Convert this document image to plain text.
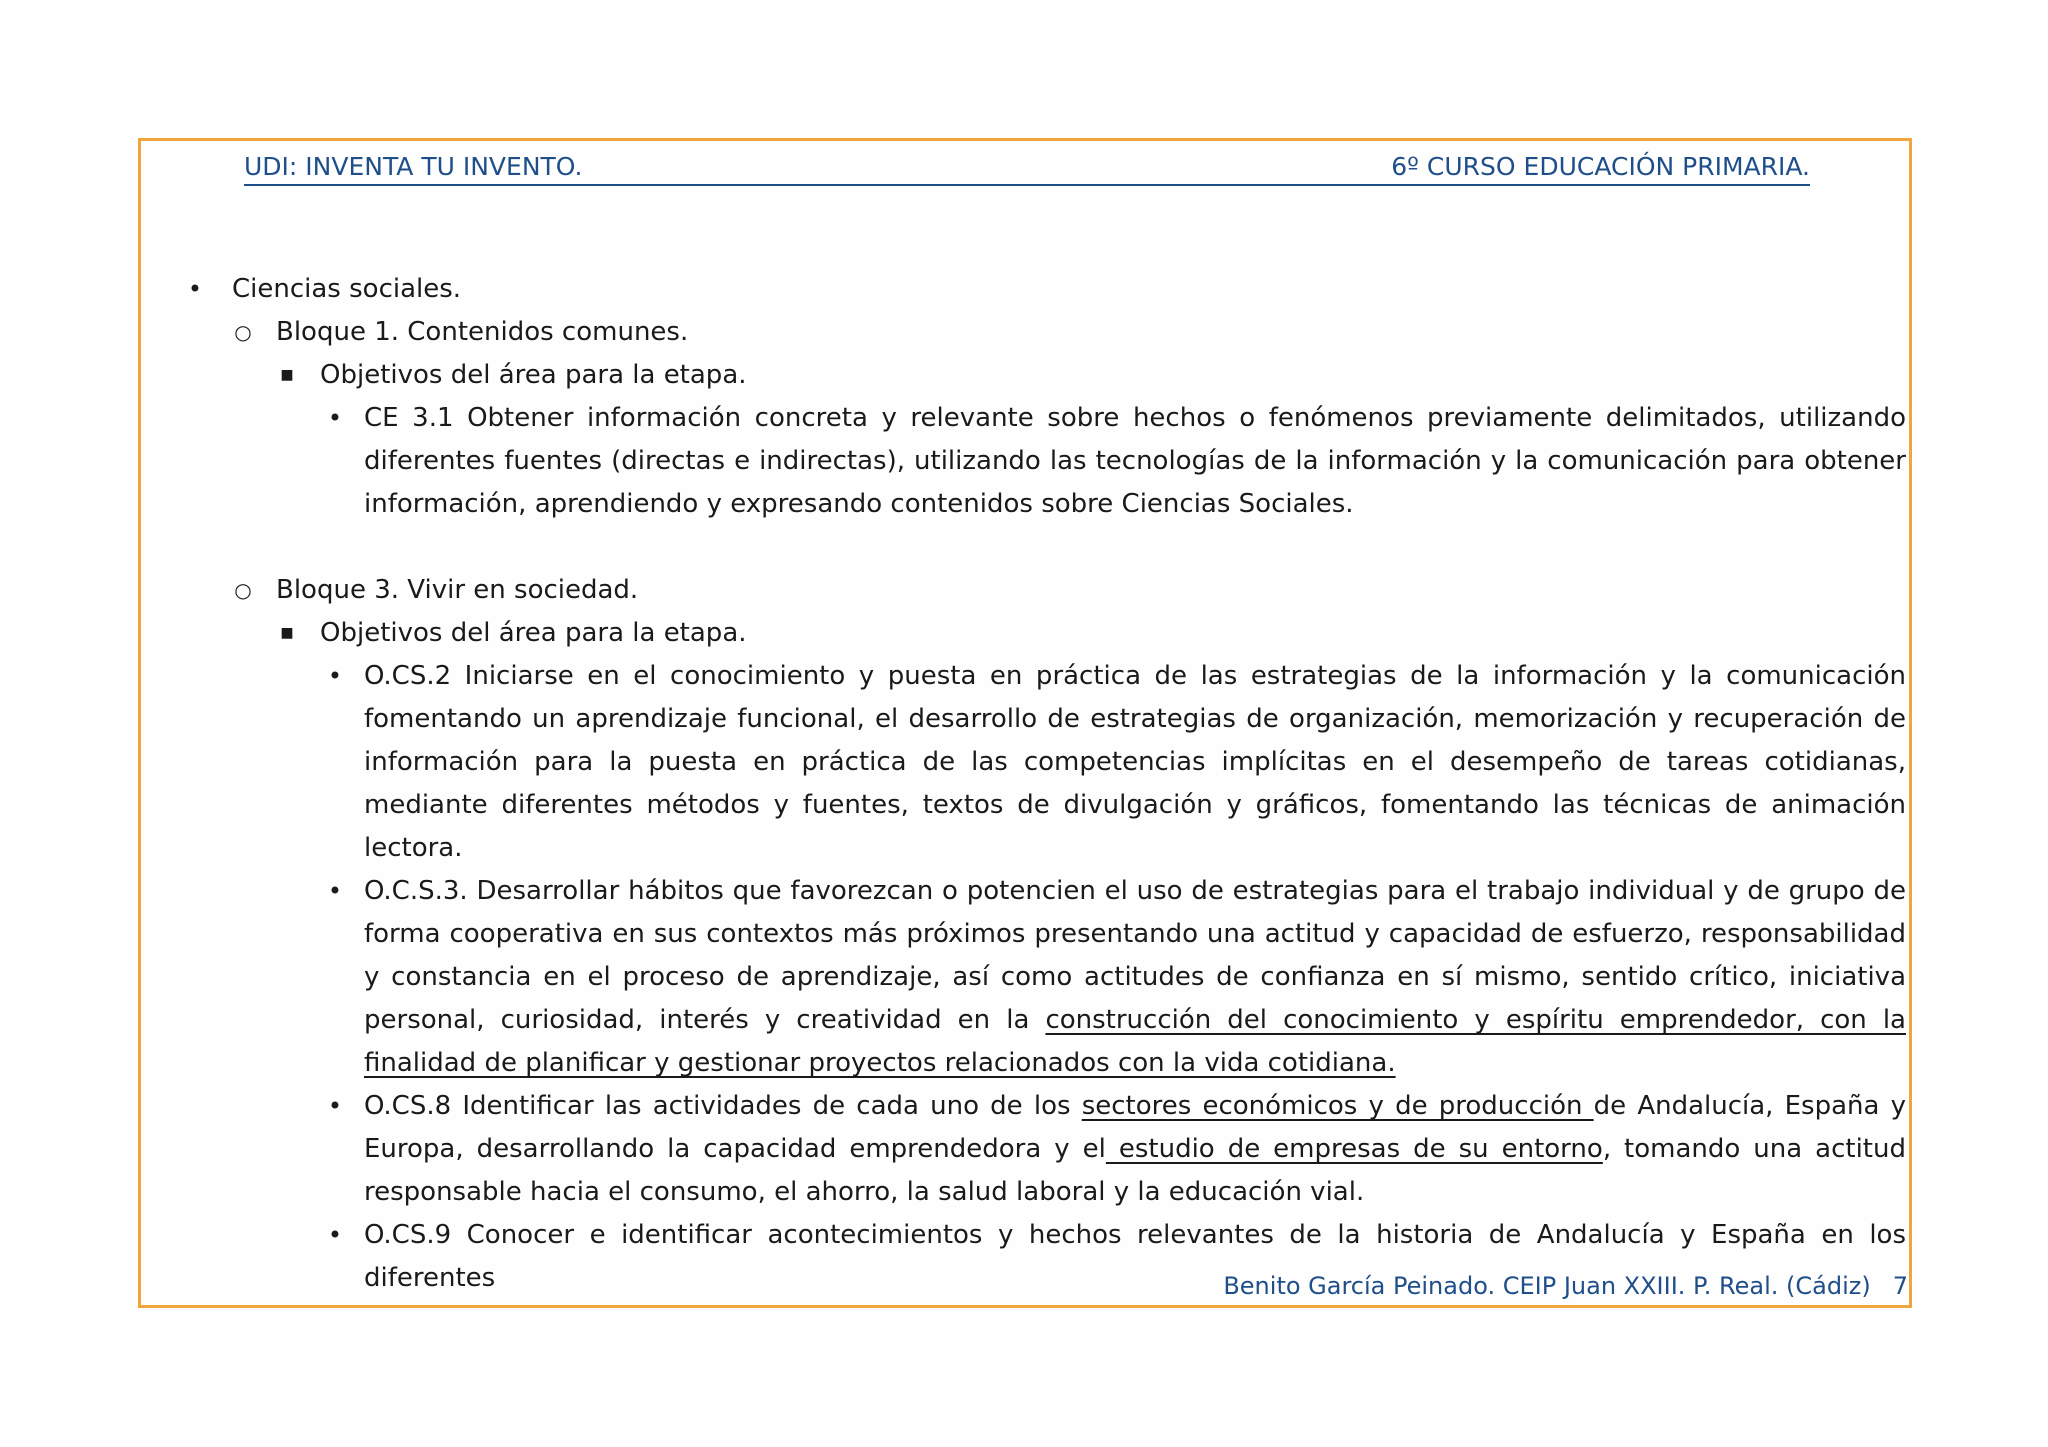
UDI: INVENTA TU INVENTO.	6º CURSO EDUCACIÓN PRIMARIA.
•	Ciencias sociales.
○ Bloque 1. Contenidos comunes.
■	Objetivos del área para la etapa.
• CE 3.1 Obtener información concreta y relevante sobre hechos o fenómenos previamente delimitados, utilizando diferentes fuentes (directas e indirectas), utilizando las tecnologías de la información y la comunicación para obtener información, aprendiendo y expresando contenidos sobre Ciencias Sociales.
○ Bloque 3. Vivir en sociedad.
■	Objetivos del área para la etapa.
• O.CS.2 Iniciarse en el conocimiento y puesta en práctica de las estrategias de la información y la comunicación fomentando un aprendizaje funcional, el desarrollo de estrategias de organización, memorización y recuperación de información para la puesta en práctica de las competencias implícitas en el desempeño de tareas cotidianas, mediante diferentes métodos y fuentes, textos de divulgación y gráficos, fomentando las técnicas de animación lectora.
• O.C.S.3. Desarrollar hábitos que favorezcan o potencien el uso de estrategias para el trabajo individual y de grupo de forma cooperativa en sus contextos más próximos presentando una actitud y capacidad de esfuerzo, responsabilidad y constancia en el proceso de aprendizaje, así como actitudes de confianza en sí mismo, sentido crítico, iniciativa personal, curiosidad, interés y creatividad en la construcción del conocimiento y espíritu emprendedor, con la finalidad de planificar y gestionar proyectos relacionados con la vida cotidiana.
• O.CS.8 Identificar las actividades de cada uno de los sectores económicos y de producción de Andalucía, España y Europa, desarrollando la capacidad emprendedora y el estudio de empresas de su entorno, tomando una actitud responsable hacia el consumo, el ahorro, la salud laboral y la educación vial.
• O.CS.9 Conocer e identificar acontecimientos y hechos relevantes de la historia de Andalucía y España en los diferentes	Benito García Peinado. CEIP Juan XXIII. P. Real. (Cádiz) 7
